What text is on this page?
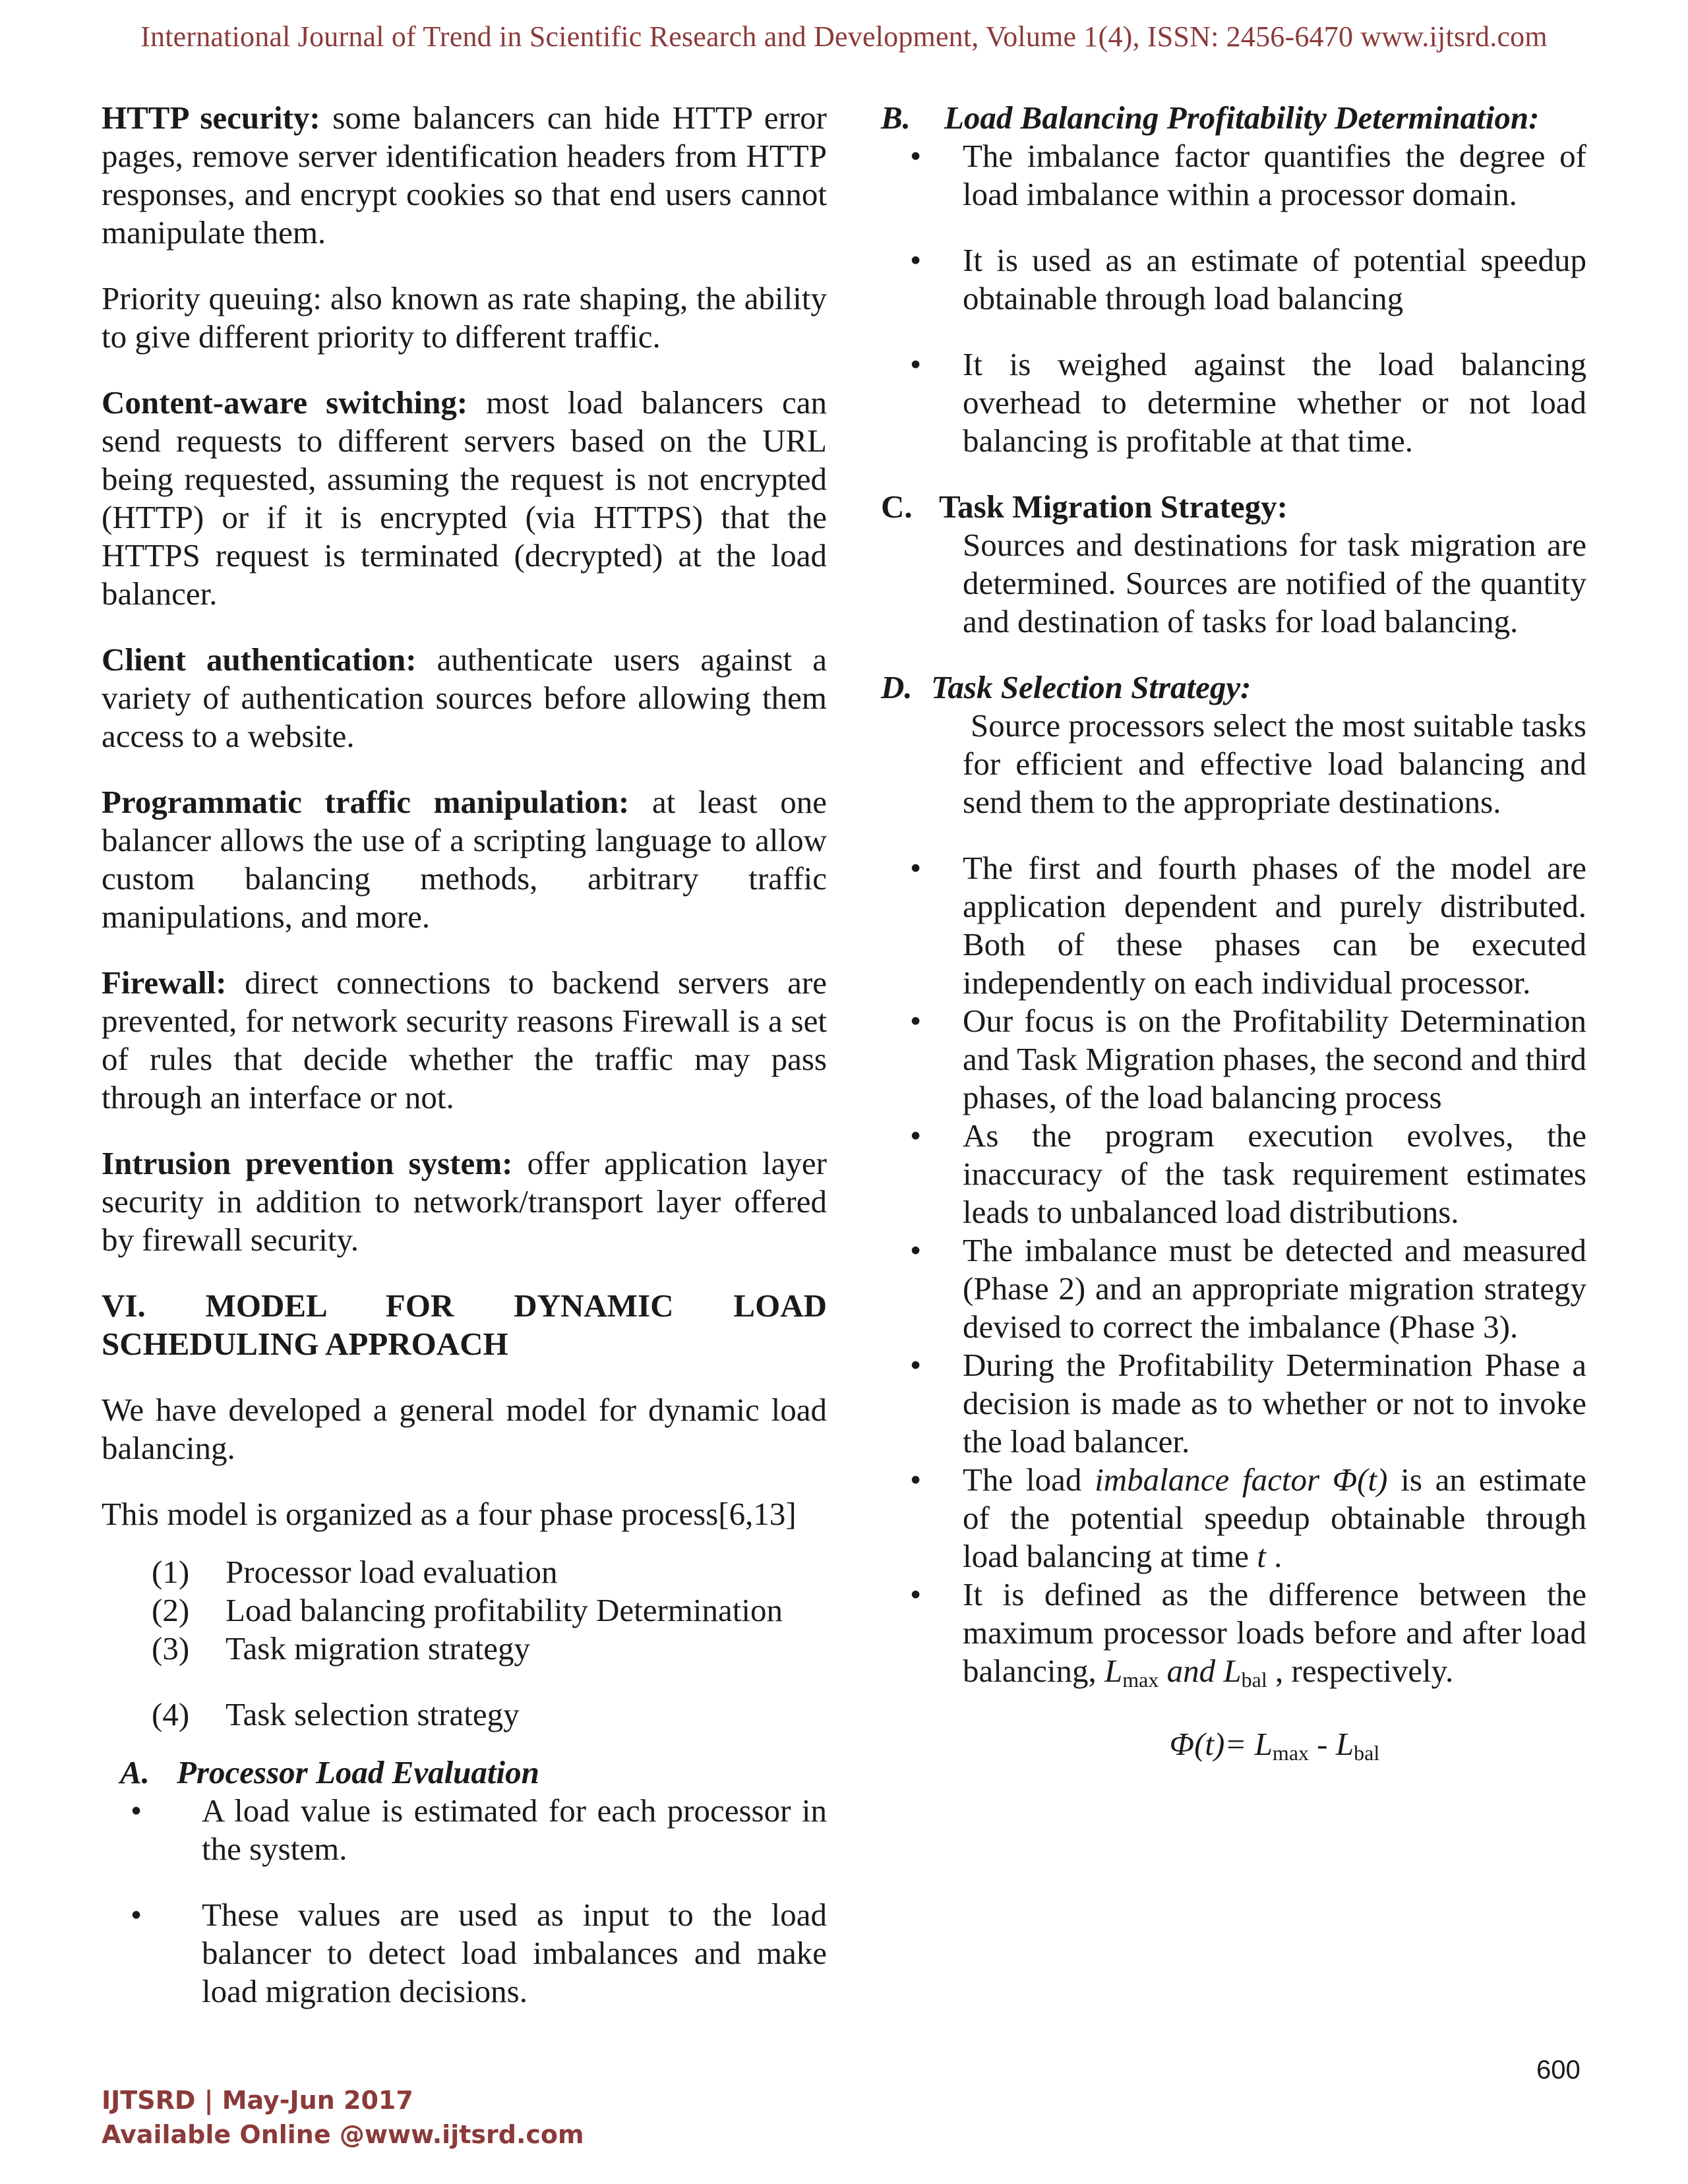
International Journal of Trend in Scientific Research and Development, Volume 1(4), ISSN: 2456-6470 www.ijtsrd.com

HTTP security: some balancers can hide HTTP error pages, remove server identification headers from HTTP responses, and encrypt cookies so that end users cannot manipulate them.

Priority queuing: also known as rate shaping, the ability to give different priority to different traffic.

Content-aware switching: most load balancers can send requests to different servers based on the URL being requested, assuming the request is not encrypted (HTTP) or if it is encrypted (via HTTPS) that the HTTPS request is terminated (decrypted) at the load balancer.

Client authentication: authenticate users against a variety of authentication sources before allowing them access to a website.

Programmatic traffic manipulation: at least one balancer allows the use of a scripting language to allow custom balancing methods, arbitrary traffic manipulations, and more.

Firewall: direct connections to backend servers are prevented, for network security reasons Firewall is a set of rules that decide whether the traffic may pass through an interface or not.

Intrusion prevention system: offer application layer security in addition to network/transport layer offered by firewall security.

VI. MODEL FOR DYNAMIC LOAD SCHEDULING APPROACH

We have developed a general model for dynamic load balancing.

This model is organized as a four phase process[6,13]

(1) Processor load evaluation
(2) Load balancing profitability Determination
(3) Task migration strategy
(4) Task selection strategy
A. Processor Load Evaluation
• A load value is estimated for each processor in the system.
• These values are used as input to the load balancer to detect load imbalances and make load migration decisions.
B. Load Balancing Profitability Determination:
• The imbalance factor quantifies the degree of load imbalance within a processor domain.
• It is used as an estimate of potential speedup obtainable through load balancing
• It is weighed against the load balancing overhead to determine whether or not load balancing is profitable at that time.
C. Task Migration Strategy:

Sources and destinations for task migration are determined. Sources are notified of the quantity and destination of tasks for load balancing.

D. Task Selection Strategy:

Source processors select the most suitable tasks for efficient and effective load balancing and send them to the appropriate destinations.

• The first and fourth phases of the model are application dependent and purely distributed. Both of these phases can be executed independently on each individual processor.
• Our focus is on the Profitability Determination and Task Migration phases, the second and third phases, of the load balancing process
• As the program execution evolves, the inaccuracy of the task requirement estimates leads to unbalanced load distributions.
• The imbalance must be detected and measured (Phase 2) and an appropriate migration strategy devised to correct the imbalance (Phase 3).
• During the Profitability Determination Phase a decision is made as to whether or not to invoke the load balancer.
• The load imbalance factor Φ(t) is an estimate of the potential speedup obtainable through load balancing at time t .
• It is defined as the difference between the maximum processor loads before and after load balancing, $L_{max}$ and $L_{bal}$ , respectively.
$\Phi(t)= L_{max} - L_{bal}$
600
IJTSRD | May-Jun 2017
Available Online @www.ijtsrd.com
